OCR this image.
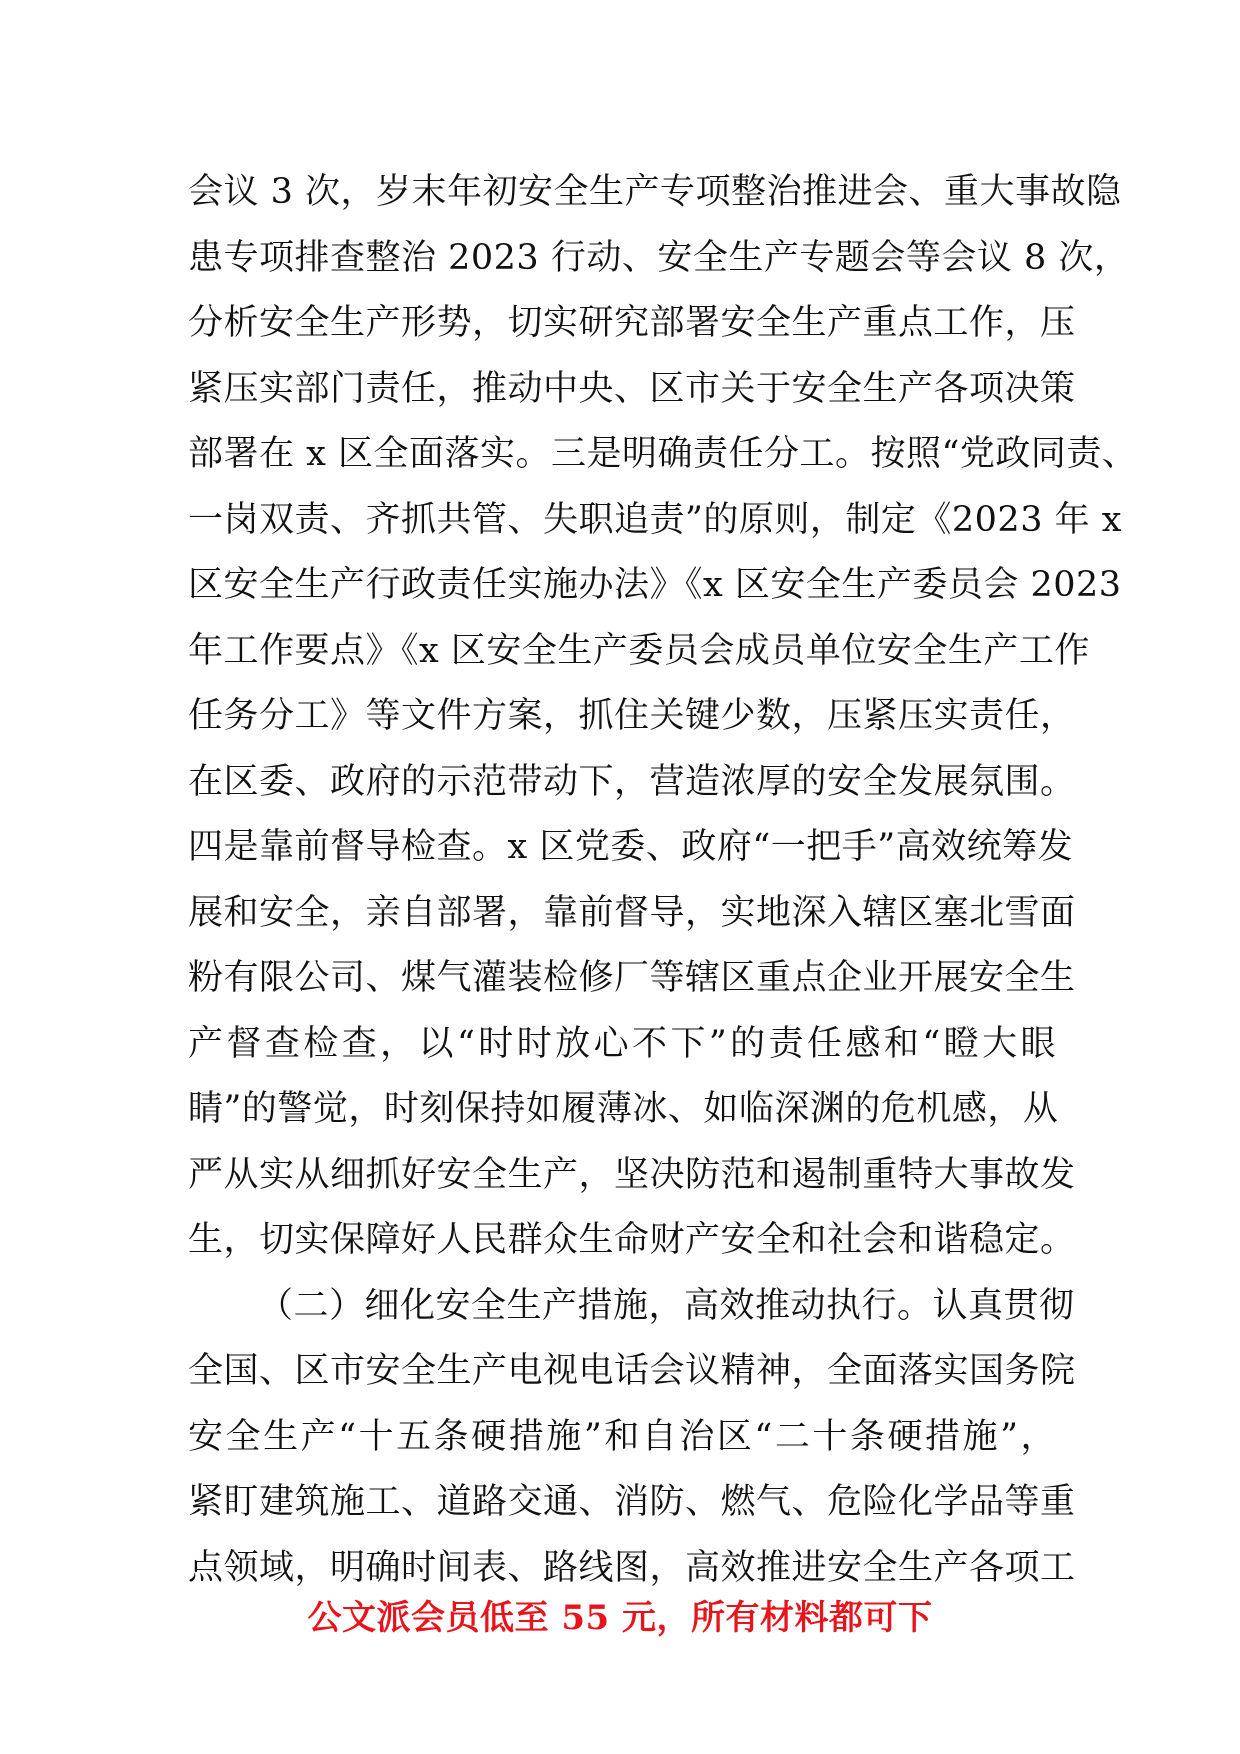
会议 3 次，岁末年初安全生产专项整治推进会、重大事故隐
患专项排查整治 2023 行动、安全生产专题会等会议 8 次，
分析安全生产形势，切实研究部署安全生产重点工作，压
紧压实部门责任，推动中央、区市关于安全生产各项决策
部署在 x 区全面落实。三是明确责任分工。按照“党政同责、
一岗双责、齐抓共管、失职追责”的原则，制定《2023 年 x
区安全生产行政责任实施办法》《x 区安全生产委员会 2023
年工作要点》《x 区安全生产委员会成员单位安全生产工作
任务分工》等文件方案，抓住关键少数，压紧压实责任，
在区委、政府的示范带动下，营造浓厚的安全发展氛围。
四是靠前督导检查。x 区党委、政府“一把手”高效统筹发
展和安全，亲自部署，靠前督导，实地深入辖区塞北雪面
粉有限公司、煤气灌装检修厂等辖区重点企业开展安全生
产督查检查，以“时时放心不下”的责任感和“瞪大眼
睛”的警觉，时刻保持如履薄冰、如临深渊的危机感，从
严从实从细抓好安全生产，坚决防范和遏制重特大事故发
生，切实保障好人民群众生命财产安全和社会和谐稳定。
（二）细化安全生产措施，高效推动执行。认真贯彻
全国、区市安全生产电视电话会议精神，全面落实国务院
安全生产“十五条硬措施”和自治区“二十条硬措施”，
紧盯建筑施工、道路交通、消防、燃气、危险化学品等重
点领域，明确时间表、路线图，高效推进安全生产各项工
公文派会员低至 55 元，所有材料都可下
